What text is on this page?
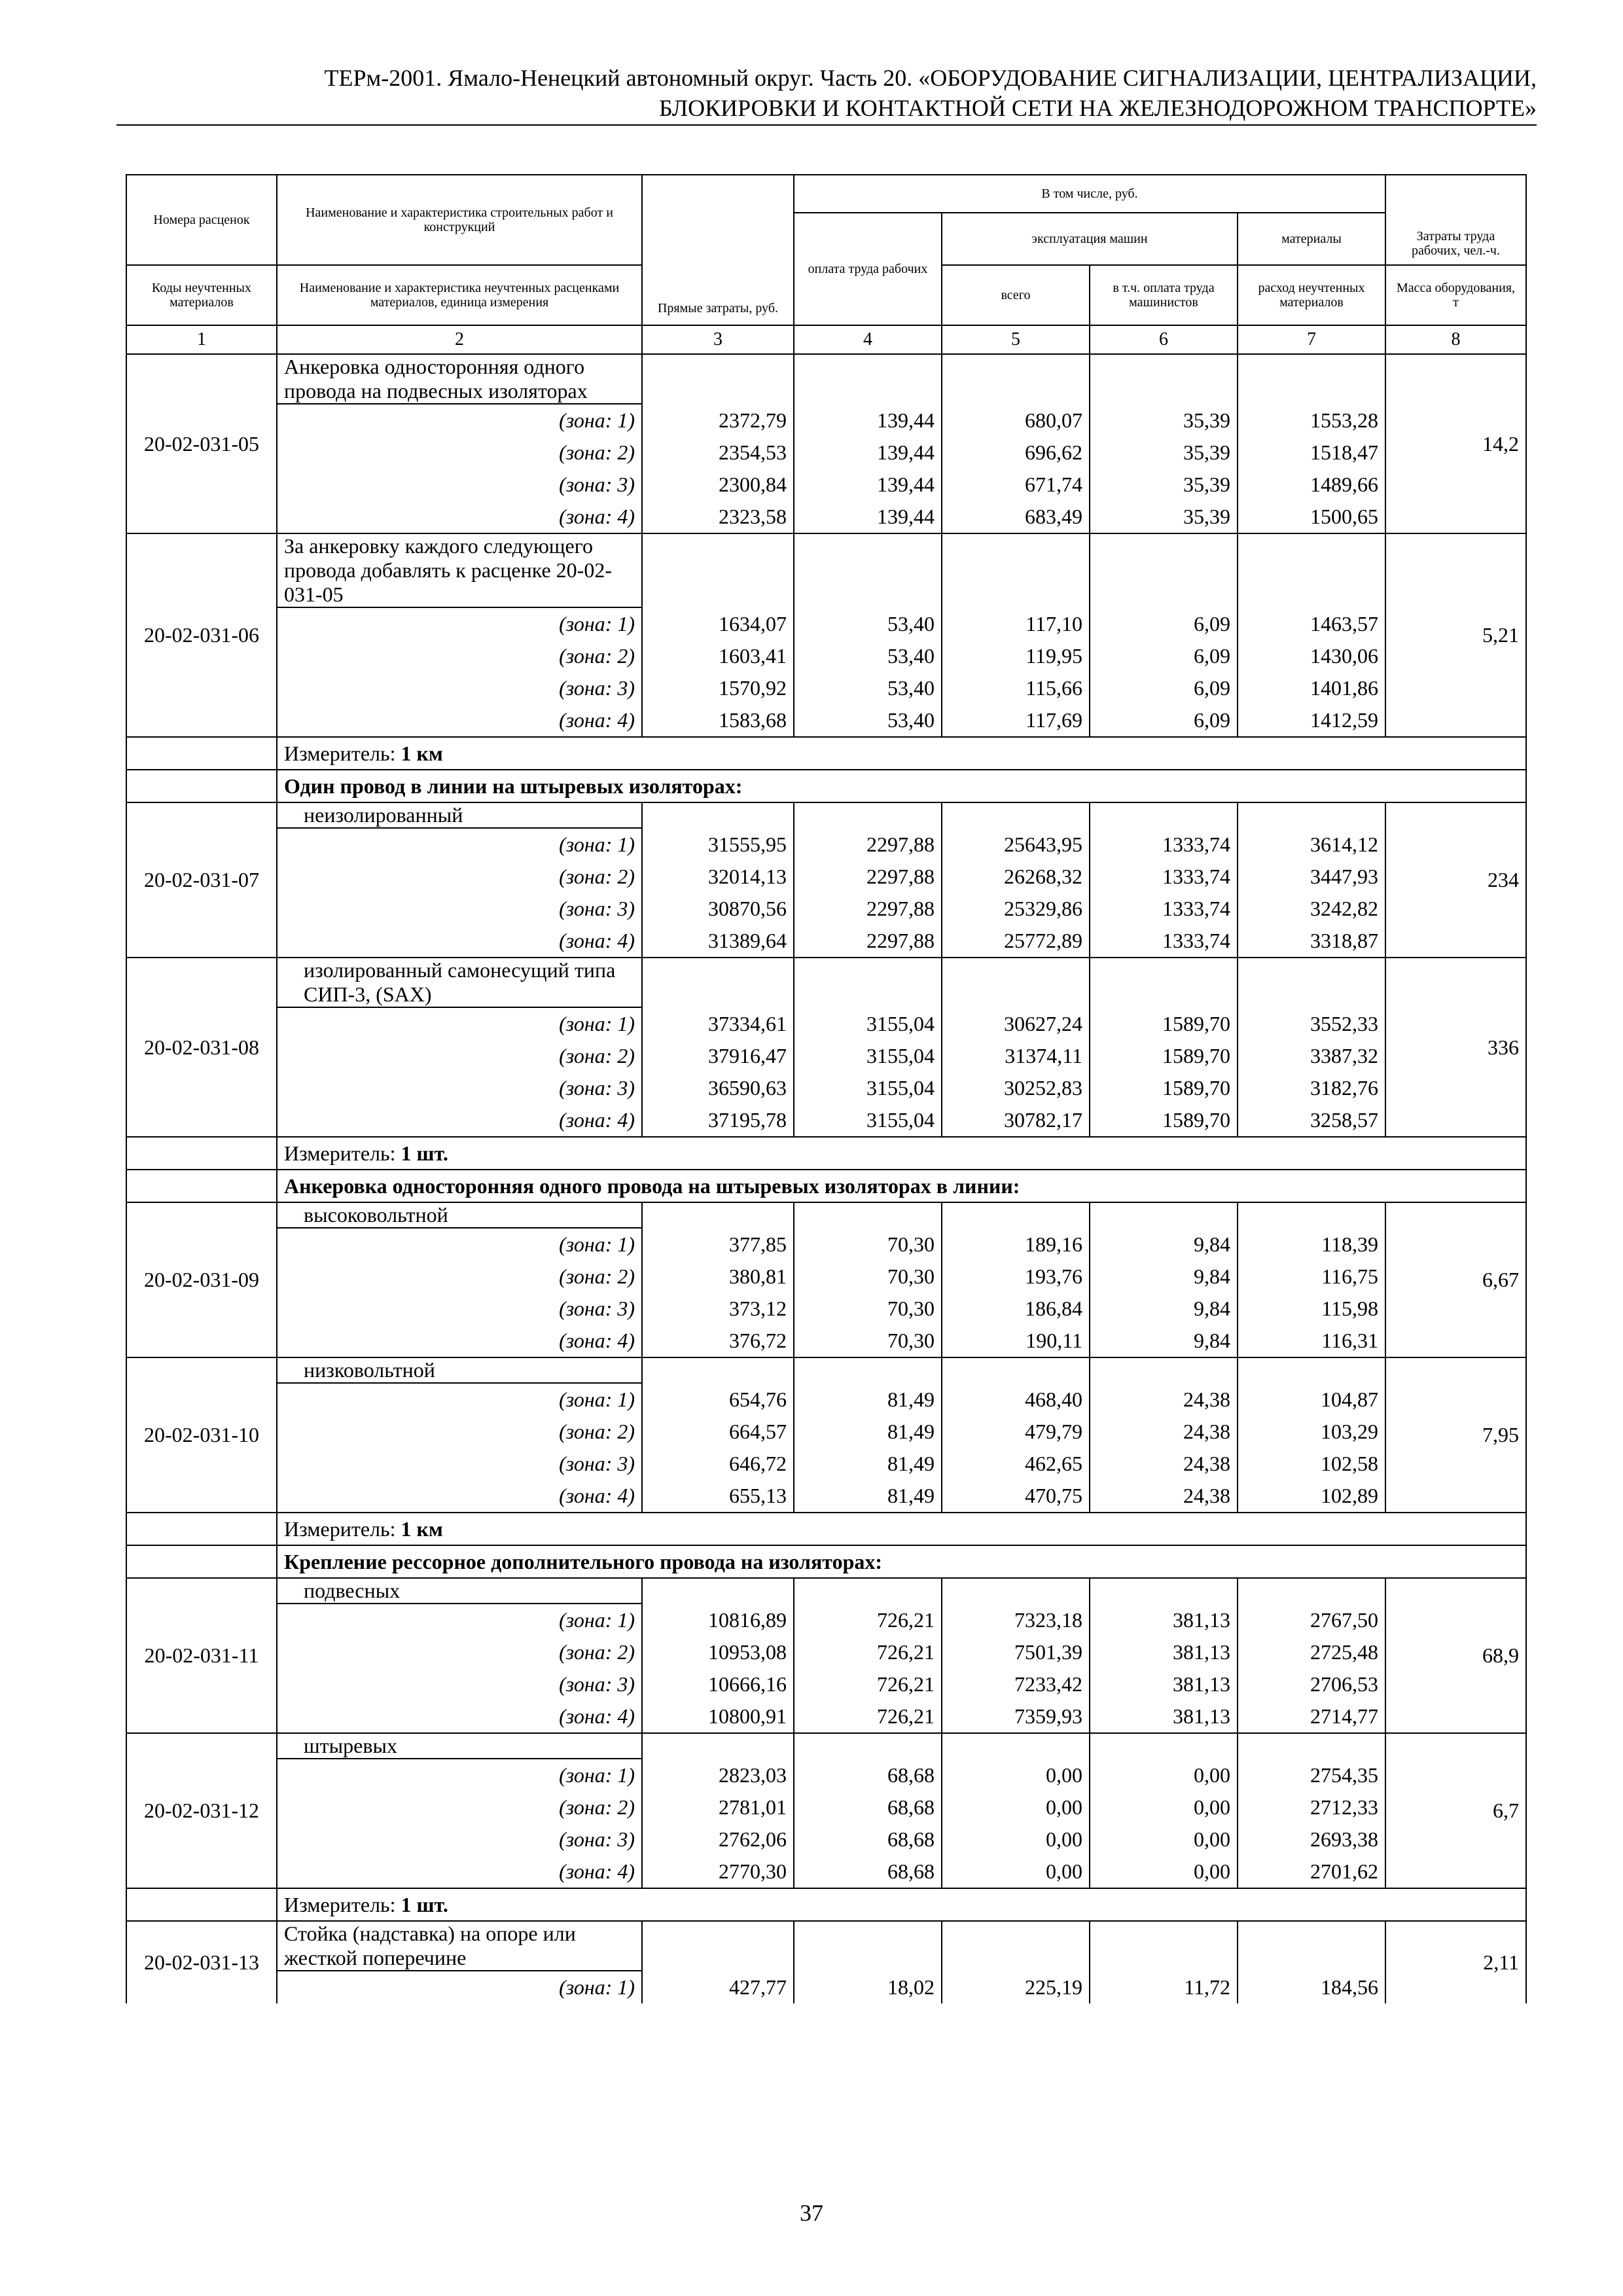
ТЕРм-2001. Ямало-Ненецкий автономный округ. Часть 20. «ОБОРУДОВАНИЕ СИГНАЛИЗАЦИИ, ЦЕНТРАЛИЗАЦИИ,
БЛОКИРОВКИ И КОНТАКТНОЙ СЕТИ НА ЖЕЛЕЗНОДОРОЖНОМ ТРАНСПОРТЕ»
Номера расценок	Наименование и характеристика строительных работ и конструкций	Прямые затраты, руб.	В том числе, руб.				Затраты труда рабочих, чел.-ч.
			оплата труда рабочих	эксплуатация машин		материалы	
Коды неучтенных материалов	Наименование и характеристика неучтенных расценками материалов, единица измерения			всего	в т.ч. оплата труда машинистов	расход неучтенных материалов	Масса оборудования, т
1	2	3	4	5	6	7	8
20-02-031-05	Анкеровка односторонняя одного провода на подвесных изоляторах						14,2
	(зона: 1)	2372,79	139,44	680,07	35,39	1553,28	
	(зона: 2)	2354,53	139,44	696,62	35,39	1518,47	
	(зона: 3)	2300,84	139,44	671,74	35,39	1489,66	
	(зона: 4)	2323,58	139,44	683,49	35,39	1500,65	
20-02-031-06	За анкеровку каждого следующего провода добавлять к расценке 20-02-031-05						5,21
	(зона: 1)	1634,07	53,40	117,10	6,09	1463,57	
	(зона: 2)	1603,41	53,40	119,95	6,09	1430,06	
	(зона: 3)	1570,92	53,40	115,66	6,09	1401,86	
	(зона: 4)	1583,68	53,40	117,69	6,09	1412,59	
	Измеритель: 1 км						
	Один провод в линии на штыревых изоляторах:						
20-02-031-07	неизолированный						234
	(зона: 1)	31555,95	2297,88	25643,95	1333,74	3614,12	
	(зона: 2)	32014,13	2297,88	26268,32	1333,74	3447,93	
	(зона: 3)	30870,56	2297,88	25329,86	1333,74	3242,82	
	(зона: 4)	31389,64	2297,88	25772,89	1333,74	3318,87	
20-02-031-08	изолированный самонесущий типа СИП-3, (SAX)						336
	(зона: 1)	37334,61	3155,04	30627,24	1589,70	3552,33	
	(зона: 2)	37916,47	3155,04	31374,11	1589,70	3387,32	
	(зона: 3)	36590,63	3155,04	30252,83	1589,70	3182,76	
	(зона: 4)	37195,78	3155,04	30782,17	1589,70	3258,57	
	Измеритель: 1 шт.						
	Анкеровка односторонняя одного провода на штыревых изоляторах в линии:						
20-02-031-09	высоковольтной						6,67
	(зона: 1)	377,85	70,30	189,16	9,84	118,39	
	(зона: 2)	380,81	70,30	193,76	9,84	116,75	
	(зона: 3)	373,12	70,30	186,84	9,84	115,98	
	(зона: 4)	376,72	70,30	190,11	9,84	116,31	
20-02-031-10	низковольтной						7,95
	(зона: 1)	654,76	81,49	468,40	24,38	104,87	
	(зона: 2)	664,57	81,49	479,79	24,38	103,29	
	(зона: 3)	646,72	81,49	462,65	24,38	102,58	
	(зона: 4)	655,13	81,49	470,75	24,38	102,89	
	Измеритель: 1 км						
	Крепление рессорное дополнительного провода на изоляторах:						
20-02-031-11	подвесных						68,9
	(зона: 1)	10816,89	726,21	7323,18	381,13	2767,50	
	(зона: 2)	10953,08	726,21	7501,39	381,13	2725,48	
	(зона: 3)	10666,16	726,21	7233,42	381,13	2706,53	
	(зона: 4)	10800,91	726,21	7359,93	381,13	2714,77	
20-02-031-12	штыревых						6,7
	(зона: 1)	2823,03	68,68	0,00	0,00	2754,35	
	(зона: 2)	2781,01	68,68	0,00	0,00	2712,33	
	(зона: 3)	2762,06	68,68	0,00	0,00	2693,38	
	(зона: 4)	2770,30	68,68	0,00	0,00	2701,62	
	Измеритель: 1 шт.						
20-02-031-13	Стойка (надставка) на опоре или жесткой поперечине						2,11
	(зона: 1)	427,77	18,02	225,19	11,72	184,56	
37
